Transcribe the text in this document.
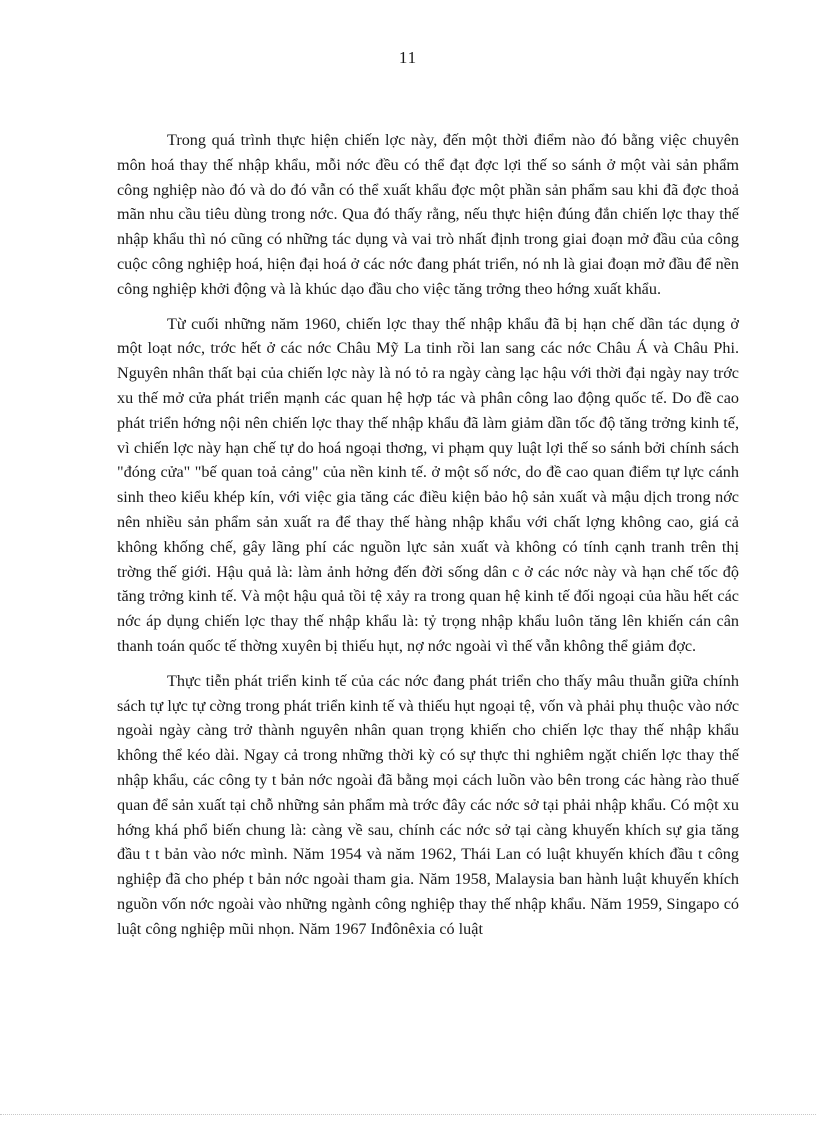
11

Trong quá trình thực hiện chiến lợc này, đến một thời điểm nào đó bằng việc chuyên môn hoá thay thế nhập khẩu, mỗi nớc đều có thể đạt đợc lợi thế so sánh ở một vài sản phẩm công nghiệp nào đó và do đó vẫn có thể xuất khẩu đợc một phần sản phẩm sau khi đã đợc thoả mãn nhu cầu tiêu dùng trong nớc. Qua đó thấy rằng, nếu thực hiện đúng đắn chiến lợc thay thế nhập khẩu thì nó cũng có những tác dụng và vai trò nhất định trong giai đoạn mở đầu của công cuộc công nghiệp hoá, hiện đại hoá ở các nớc đang phát triển, nó nh là giai đoạn mở đầu để nền công nghiệp khởi động và là khúc dạo đầu cho việc tăng trởng theo hớng xuất khẩu.

Từ cuối những năm 1960, chiến lợc thay thế nhập khẩu đã bị hạn chế dần tác dụng ở một loạt nớc, trớc hết ở các nớc Châu Mỹ La tinh rồi lan sang các nớc Châu Á và Châu Phi. Nguyên nhân thất bại của chiến lợc này là nó tỏ ra ngày càng lạc hậu với thời đại ngày nay trớc xu thế mở cửa phát triển mạnh các quan hệ hợp tác và phân công lao động quốc tế. Do đề cao phát triển hớng nội nên chiến lợc thay thế nhập khẩu đã làm giảm dần tốc độ tăng trởng kinh tế, vì chiến lợc này hạn chế tự do hoá ngoại thơng, vi phạm quy luật lợi thế so sánh bởi chính sách "đóng cửa" "bế quan toả cảng" của nền kinh tế. ở một số nớc, do đề cao quan điểm tự lực cánh sinh theo kiểu khép kín, với việc gia tăng các điều kiện bảo hộ sản xuất và mậu dịch trong nớc nên nhiều sản phẩm sản xuất ra để thay thế hàng nhập khẩu với chất lợng không cao, giá cả không khống chế, gây lãng phí các nguồn lực sản xuất và không có tính cạnh tranh trên thị trờng thế giới. Hậu quả là: làm ảnh hởng đến đời sống dân c ở các nớc này và hạn chế tốc độ tăng trởng kinh tế. Và một hậu quả tồi tệ xảy ra trong quan hệ kinh tế đối ngoại của hầu hết các nớc áp dụng chiến lợc thay thế nhập khẩu là: tỷ trọng nhập khẩu luôn tăng lên khiến cán cân thanh toán quốc tế thờng xuyên bị thiếu hụt, nợ nớc ngoài vì thế vẫn không thể giảm đợc.

Thực tiễn phát triển kinh tế của các nớc đang phát triển cho thấy mâu thuẫn giữa chính sách tự lực tự cờng trong phát triển kinh tế và thiếu hụt ngoại tệ, vốn và phải phụ thuộc vào nớc ngoài ngày càng trở thành nguyên nhân quan trọng khiến cho chiến lợc thay thế nhập khẩu không thể kéo dài. Ngay cả trong những thời kỳ có sự thực thi nghiêm ngặt chiến lợc thay thế nhập khẩu, các công ty t bản nớc ngoài đã bằng mọi cách luồn vào bên trong các hàng rào thuế quan để sản xuất tại chỗ những sản phẩm mà trớc đây các nớc sở tại phải nhập khẩu. Có một xu hớng khá phổ biến chung là: càng về sau, chính các nớc sở tại càng khuyến khích sự gia tăng đầu t t bản vào nớc mình. Năm 1954 và năm 1962, Thái Lan có luật khuyến khích đầu t công nghiệp đã cho phép t bản nớc ngoài tham gia. Năm 1958, Malaysia ban hành luật khuyến khích nguồn vốn nớc ngoài vào những ngành công nghiệp thay thế nhập khẩu. Năm 1959, Singapo có luật công nghiệp mũi nhọn. Năm 1967 Inđônêxia có luật
